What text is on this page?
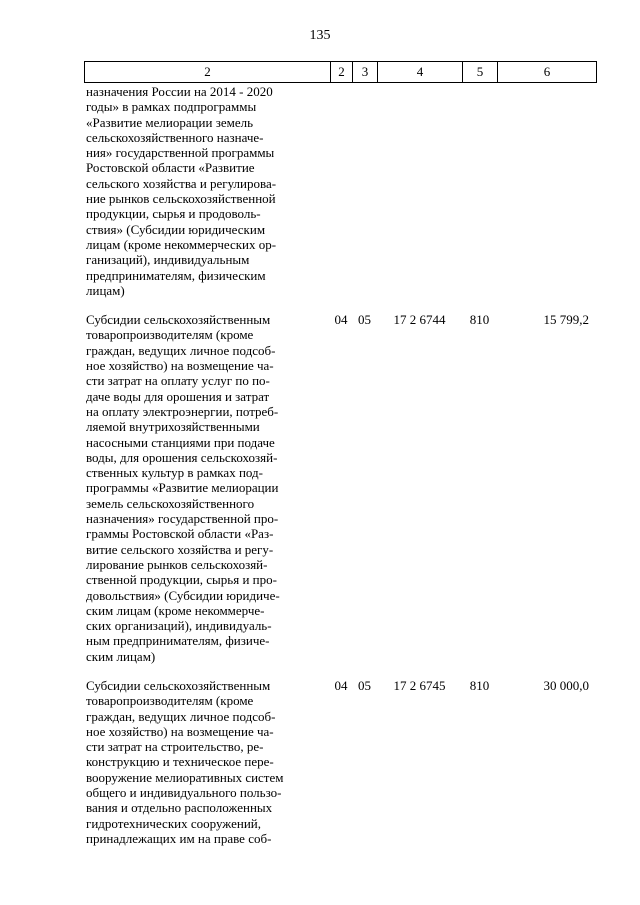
135
2	2	3	4	5	6
назначения России на 2014 - 2020
годы» в рамках подпрограммы
«Развитие мелиорации земель
сельскохозяйственного назначе-
ния» государственной программы
Ростовской области «Развитие
сельского хозяйства и регулирова-
ние рынков сельскохозяйственной
продукции, сырья и продоволь-
ствия» (Субсидии юридическим
лицам (кроме некоммерческих ор-
ганизаций), индивидуальным
предпринимателям, физическим
лицам)
Субсидии сельскохозяйственным
товаропроизводителям (кроме
граждан, ведущих личное подсоб-
ное хозяйство) на возмещение ча-
сти затрат на оплату услуг по по-
даче воды для орошения и затрат
на оплату электроэнергии, потреб-
ляемой внутрихозяйственными
насосными станциями при подаче
воды, для орошения сельскохозяй-
ственных культур в рамках под-
программы «Развитие мелиорации
земель сельскохозяйственного
назначения» государственной про-
граммы Ростовской области «Раз-
витие сельского хозяйства и регу-
лирование рынков сельскохозяй-
ственной продукции, сырья и про-
довольствия» (Субсидии юридиче-
ским лицам (кроме некоммерче-
ских организаций), индивидуаль-
ным предпринимателям, физиче-
ским лицам)
04 05	17 2 6744	810	15 799,2
Субсидии сельскохозяйственным
товаропроизводителям (кроме
граждан, ведущих личное подсоб-
ное хозяйство) на возмещение ча-
сти затрат на строительство, ре-
конструкцию и техническое пере-
вооружение мелиоративных систем
общего и индивидуального пользо-
вания и отдельно расположенных
гидротехнических сооружений,
принадлежащих им на праве соб-
04 05	17 2 6745	810	30 000,0
